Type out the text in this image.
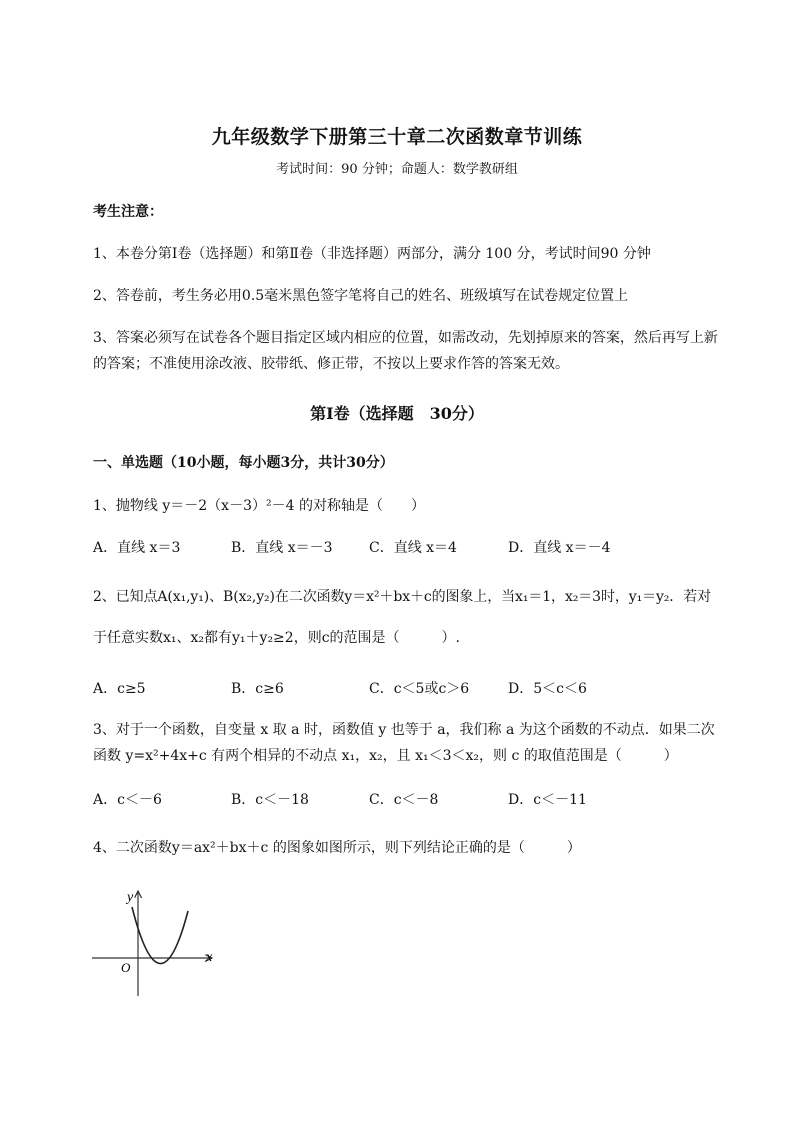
九年级数学下册第三十章二次函数章节训练
考试时间：90 分钟；命题人：数学教研组
考生注意：
1、本卷分第Ⅰ卷（选择题）和第Ⅱ卷（非选择题）两部分，满分 100 分，考试时间90 分钟
2、答卷前，考生务必用0.5毫米黑色签字笔将自己的姓名、班级填写在试卷规定位置上
3、答案必须写在试卷各个题目指定区域内相应的位置，如需改动，先划掉原来的答案，然后再写上新
的答案；不准使用涂改液、胶带纸、修正带，不按以上要求作答的答案无效。
第Ⅰ卷（选择题　30分）
一、单选题（10小题，每小题3分，共计30分）
1、抛物线 y＝－2（x－3）²－4 的对称轴是（　　）
A．直线 x＝3	B．直线 x＝－3	C．直线 x＝4	D．直线 x＝－4
2、已知点A(x₁,y₁)、B(x₂,y₂)在二次函数y＝x²＋bx＋c的图象上，当x₁＝1，x₂＝3时，y₁＝y₂．若对
于任意实数x₁、x₂都有y₁＋y₂≥2，则c的范围是（　　　）.
A．c≥5	B．c≥6	C．c＜5或c＞6	D．5＜c＜6
3、对于一个函数，自变量 x 取 a 时，函数值 y 也等于 a，我们称 a 为这个函数的不动点．如果二次
函数 y=x²+4x+c 有两个相异的不动点 x₁，x₂，且 x₁＜3＜x₂，则 c 的取值范围是（　　　）
A．c＜－6	B．c＜－18	C．c＜－8	D．c＜－11
4、二次函数y＝ax²＋bx＋c 的图象如图所示，则下列结论正确的是（　　　）
x
y
O
